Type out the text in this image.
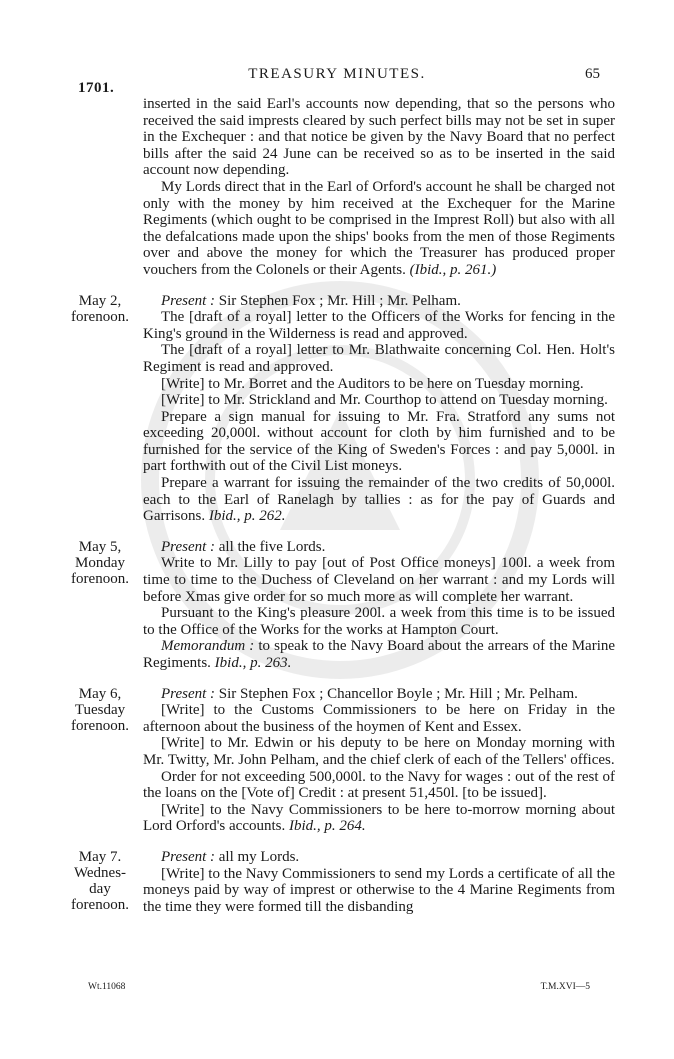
1701.
TREASURY MINUTES.	65

inserted in the said Earl's accounts now depending, that so the persons who received the said imprests cleared by such perfect bills may not be set in super in the Exchequer : and that notice be given by the Navy Board that no perfect bills after the said 24 June can be received so as to be inserted in the said account now depending.

My Lords direct that in the Earl of Orford's account he shall be charged not only with the money by him received at the Exchequer for the Marine Regiments (which ought to be comprised in the Imprest Roll) but also with all the defalcations made upon the ships' books from the men of those Regiments over and above the money for which the Treasurer has produced proper vouchers from the Colonels or their Agents. (Ibid., p. 261.)

May 2,
forenoon.

Present : Sir Stephen Fox ; Mr. Hill ; Mr. Pelham.

The [draft of a royal] letter to the Officers of the Works for fencing in the King's ground in the Wilderness is read and approved.

The [draft of a royal] letter to Mr. Blathwaite concerning Col. Hen. Holt's Regiment is read and approved.

[Write] to Mr. Borret and the Auditors to be here on Tuesday morning.

[Write] to Mr. Strickland and Mr. Courthop to attend on Tuesday morning.

Prepare a sign manual for issuing to Mr. Fra. Stratford any sums not exceeding 20,000l. without account for cloth by him furnished and to be furnished for the service of the King of Sweden's Forces : and pay 5,000l. in part forthwith out of the Civil List moneys.

Prepare a warrant for issuing the remainder of the two credits of 50,000l. each to the Earl of Ranelagh by tallies : as for the pay of Guards and Garrisons. Ibid., p. 262.

May 5,
Monday
forenoon.

Present : all the five Lords.

Write to Mr. Lilly to pay [out of Post Office moneys] 100l. a week from time to time to the Duchess of Cleveland on her warrant : and my Lords will before Xmas give order for so much more as will complete her warrant.

Pursuant to the King's pleasure 200l. a week from this time is to be issued to the Office of the Works for the works at Hampton Court.

Memorandum : to speak to the Navy Board about the arrears of the Marine Regiments. Ibid., p. 263.

May 6,
Tuesday
forenoon.

Present : Sir Stephen Fox ; Chancellor Boyle ; Mr. Hill ; Mr. Pelham.

[Write] to the Customs Commissioners to be here on Friday in the afternoon about the business of the hoymen of Kent and Essex.

[Write] to Mr. Edwin or his deputy to be here on Monday morning with Mr. Twitty, Mr. John Pelham, and the chief clerk of each of the Tellers' offices.

Order for not exceeding 500,000l. to the Navy for wages : out of the rest of the loans on the [Vote of] Credit : at present 51,450l. [to be issued].

[Write] to the Navy Commissioners to be here to-morrow morning about Lord Orford's accounts. Ibid., p. 264.

May 7.
Wednes-
day
forenoon.

Present : all my Lords.

[Write] to the Navy Commissioners to send my Lords a certificate of all the moneys paid by way of imprest or otherwise to the 4 Marine Regiments from the time they were formed till the disbanding

Wt.11068	T.M.XVI—5
